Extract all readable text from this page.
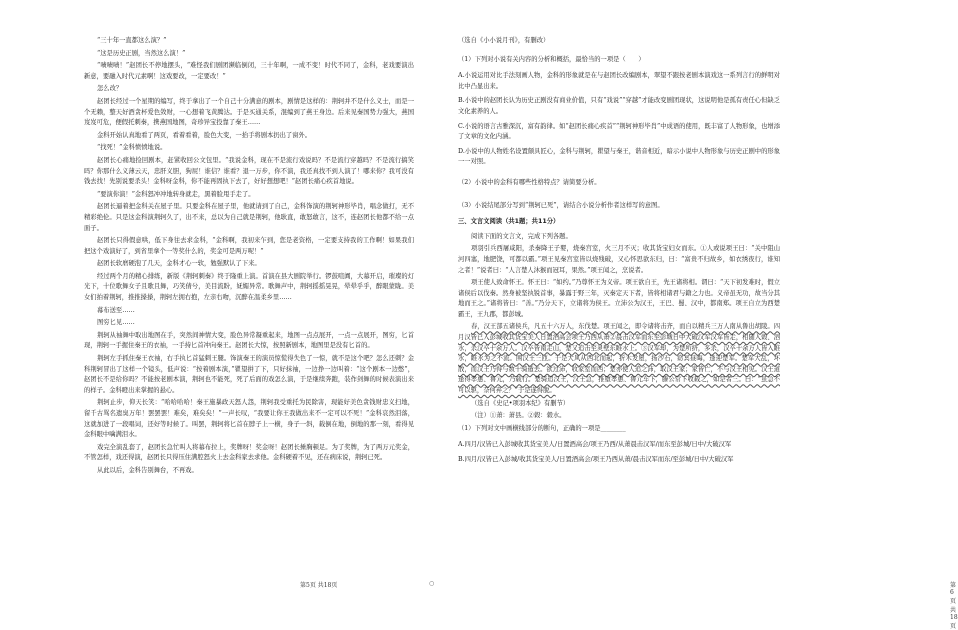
“三十年一直都这么演？”

“这是历史正剧，当然这么演！”

“啧啧啧！”赵团长不停地摆头，“难怪我们剧团濒临倒闭，三十年啊，一成不变！时代不同了，金科，老戏要演出新意，要融入时代元素啊！这戏要改，一定要改！”

怎么改？

赵团长经过一个星期的编写，终于拿出了一个自己十分满意的剧本，剧情是这样的：荆轲并不是什么义士，而是一个无赖，整天好酒贪杯爱色敛财，一心想着飞黄腾达。于是买通关系，混编到了燕王身边。后来见秦国势力强大，燕国岌岌可危，便假托刺秦，携燕国地图，奇珍异宝投靠了秦王……

金科开始认真地看了两页，看着看着，脸色大变，一抬手将剧本扔出了窗外。

“找死！”金科愤愤地说。

赵团长心痛地捡回剧本，赶紧收回公文包里。“我说金科，现在不是流行戏说吗？不是流行穿越吗？不是流行搞笑吗？你那什么义薄云天，忠肝义胆，狗屁！谁信？谁看？退一万步，你不演，我还真找不到人演了！哪来你？我可没有钱去找！先别说要杀头！金科呀金科，你不能再固执下去了，好好想想吧！”赵团长痛心疾首地说。

“要演你演！”金科怒冲冲地转身就走，黑着脸甩手走了。

赵团长逼着把金科关在屋子里。只要金科在屋子里，他就请到了自己，金科饰演的荆轲神形毕肖，唱念做打，无不精彩绝伦。只是这金科演荆轲久了，出不来，总以为自己就是荆轲，他耿直，敢怒敢言，这不，连赵团长他都不给一点面子。

赵团长只得假意哄，低下身往去求金科，“金科啊，我初来乍到，您是老资格，一定要支持我的工作啊！如果我们把这个戏演好了，到省里拿个一等奖什么的，奖金可是两万呢！”

赵团长软磨硬泡了几天，金科才心一软，勉强默认了下来。

经过两个月的精心排练，新版《荆轲刺秦》终于隆重上演。首演在县大剧院举行。锣鼓喧阗，大幕开启，璀璨的灯光下，十位歌舞女子且歌且舞，巧笑倩兮，美目流盼，妩媚异常。歌舞声中，荆轲摇摇晃晃，晕晕乎乎，醉眼蒙眬。美女们拍着荆轲，推推搡搡，荆轲左拥右抱，左亲右吻，沉醉在温柔乡里……

幕布送至……

图穷匕见……

荆轲从袖舞中取出地图在手，突然间神情大变，脸色异常凝重起来，地图一点点展开，一点一点展开，图穷，匕首现，荆轲一手握住秦王的衣袖，一手持匕首冲向秦王。赵团长大惊，按照新剧本，地图里是没有匕首的。

荆轲左手抓住秦王衣袖，右手执匕首猛刺王腿。饰演秦王的演员惊慌得失色了一惊，就不是这个吧？怎么还刺？金科荆轲冒出了这样一个镜头，低声说：“按着剧本演，”瞿望拼了下，只好抹袖，一边挣一边叫着：“这个剧本一边憋”，赵团长不是给你吗？不能按老剧本演，荆轲也不能死，死了后面的戏怎么演，于是继续奔跑，装作剑舞的时候表演出来的样子。金科瞪出来掌握的悬心。

荆轲止步，仰天长笑：“哈哈哈哈！秦王施暴政天怒人怨，荆轲我受重托为民除害，现能好美色贪钱财忠义扫地，留千古骂名遗臭万年！罢罢罢！难矣，难矣矣！”一声长叹，“我要让你王我做出来不一定可以不死！”金科哀然泪落，这就加进了一段唱词，还好等时候了。叫罢，荆轲将匕首在脖子上一横，身子一斜，载倒在地，倒地的那一刻，看得见金科眼中噙满泪水。

戏完全演乱套了，赵团长急忙叫人将幕布拉上，奖牌呀！奖金呀！赵团长捶胸顿足。为了奖牌，为了两万元奖金，不管怎样，戏还得演，赵团长只得压住满腔怒火上去金科家去求他。金科硬着不见，还在病床说，荆轲已死。

从此以后，金科告别舞台，不再戏。

第5页 共18页	○

（选自《小小说月刊》，有删改）

（1）下列对小说有关内容的分析和概括，最恰当的一项是（　　）

A.小说运用对比手法刻画人物，金科的形象就是在与赵团长改编剧本，翠望不跟按老剧本演戏这一系列言行的鲜明对比中凸显出来。

B.小说中的赵团长认为历史正剧没有商业价值，只有“戏说”“穿越”才能改变剧团现状，这说明他是孤有责任心但缺乏文化素养的人。

C.小说的语言古雅深沉，富有韵律。如“赵团长痛心疾首”“荆轲神形毕肖”中成语的使用，既丰富了人物形象，也增添了文章的文化内涵。

D.小说中的人物姓名设置颇具匠心，金科与荆轲，瞿望与秦王，谐音相近，暗示小说中人物形象与历史正剧中的形象一一对照。

（2）小说中的金科有哪些性格特点？请简要分析。

（3）小说结尾部分写到“荆轲已死”，请结合小说分析作者这样写的意图。

三、文言文阅读（共1题；共11分）

阅读下面的文言文，完成下列各题。

项羽引兵西屠咸阳，杀秦降王子婴，烧秦宫室，火三月不灭；收其货宝妇女而东。①人或说项王曰：“关中阻山河四塞，地肥饶，可都以霸。”项王见秦宫室皆以烧残破，又心怀思欲东归，曰：“富贵不归故乡，如衣绣夜行，谁知之者！”说者曰：“人言楚人沐猴而冠耳，果然。”项王闻之，烹说者。

项王使人致命怀王。怀王曰：“如约。”乃尊怀王为义帝。项王欲自王，先王诸将相。谓曰：“天下初发难时，假立诸侯后以伐秦。然身被坚执锐首事，暴露于野三年，灭秦定天下者，皆将相诸君与籍之力也。义帝虽无功，故当分其地而王之。”诸将皆曰：“善。”乃分天下，立诸将为侯王。立沛公为汉王，王巴、蜀、汉中，都南郑。项王自立为西楚霸王，王九郡，都彭城。

春，汉王部五诸侯兵，凡五十六万人，东伐楚。项王闻之，即令诸将击齐，而自以精兵三万人南从鲁出胡陵。四月汉皆已入彭城收其货宝美人日置酒高会项王乃西从萧②晨击汉军而东至彭城日中大破汉军汉军皆走，相随入榖、泗水，杀汉卒十余万人。汉卒皆南走山，楚又追击至灵壁东睢水上。③汉军却，为楚所挤，多杀，汉卒十余万人皆入睢水，睢水为之不流。围汉王三匝。于是大风从西北而起，折木发屋，扬沙石，窈冥昼晦，逢迎楚军。楚军大乱，坏散，而汉王乃得与数十骑遁去。欲过沛，收家室而西；楚亦使人追之沛，取汉王家；家皆亡，不与汉王相见。汉王道逢得孝惠、鲁元，乃载行。楚骑追汉王，汉王急，推堕孝惠、鲁元车下，滕公常下收载之，如是者三。曰：“虽急不可以驱，奈何弃之？”于是遂得脱。

（选自《史记•项羽本纪》有删节）

（注）①萧：萧县。②榖：榖水。

（1）下列对文中画横线部分的断句，正确的一项是________

A.四月/汉皆已入彭城收其货宝美人/日置酒高会/项王乃西/从萧晨击汉军/而东至彭城/日中/大破汉军

B.四月/汉皆已入彭城/收其货宝美人/日置酒高会/项王乃西从萧/晨击汉军而东/至彭城/日中/大破汉军

第6页 共18页
